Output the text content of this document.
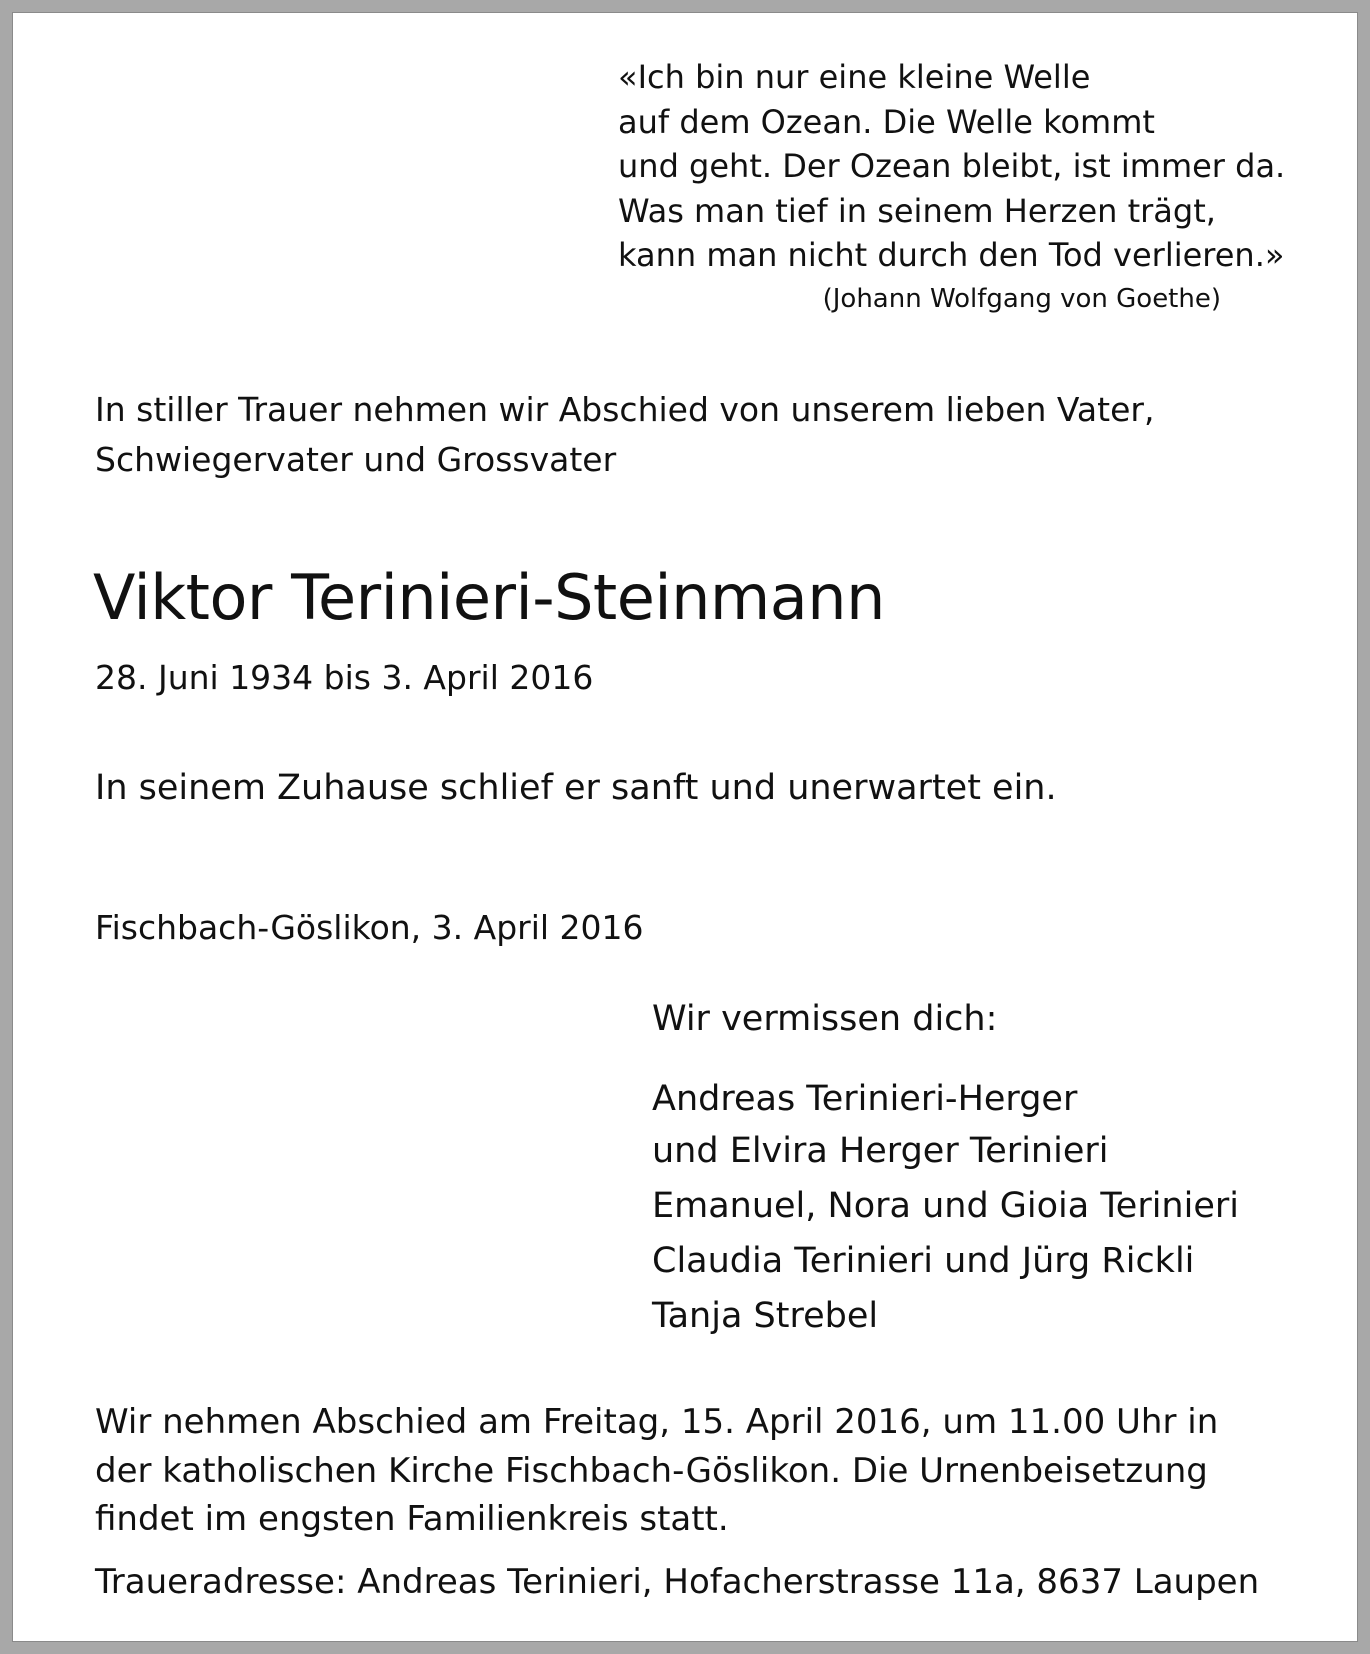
«Ich bin nur eine kleine Welle
auf dem Ozean. Die Welle kommt
und geht. Der Ozean bleibt, ist immer da.
Was man tief in seinem Herzen trägt,
kann man nicht durch den Tod verlieren.»
(Johann Wolfgang von Goethe)
In stiller Trauer nehmen wir Abschied von unserem lieben Vater,
Schwiegervater und Grossvater
Viktor Terinieri-Steinmann
28. Juni 1934 bis 3. April 2016
In seinem Zuhause schlief er sanft und unerwartet ein.
Fischbach-Göslikon, 3. April 2016
Wir vermissen dich:
Andreas Terinieri-Herger
und Elvira Herger Terinieri
Emanuel, Nora und Gioia Terinieri
Claudia Terinieri und Jürg Rickli
Tanja Strebel
Wir nehmen Abschied am Freitag, 15. April 2016, um 11.00 Uhr in
der katholischen Kirche Fischbach-Göslikon. Die Urnenbeisetzung
findet im engsten Familienkreis statt.
Traueradresse: Andreas Terinieri, Hofacherstrasse 11a, 8637 Laupen
